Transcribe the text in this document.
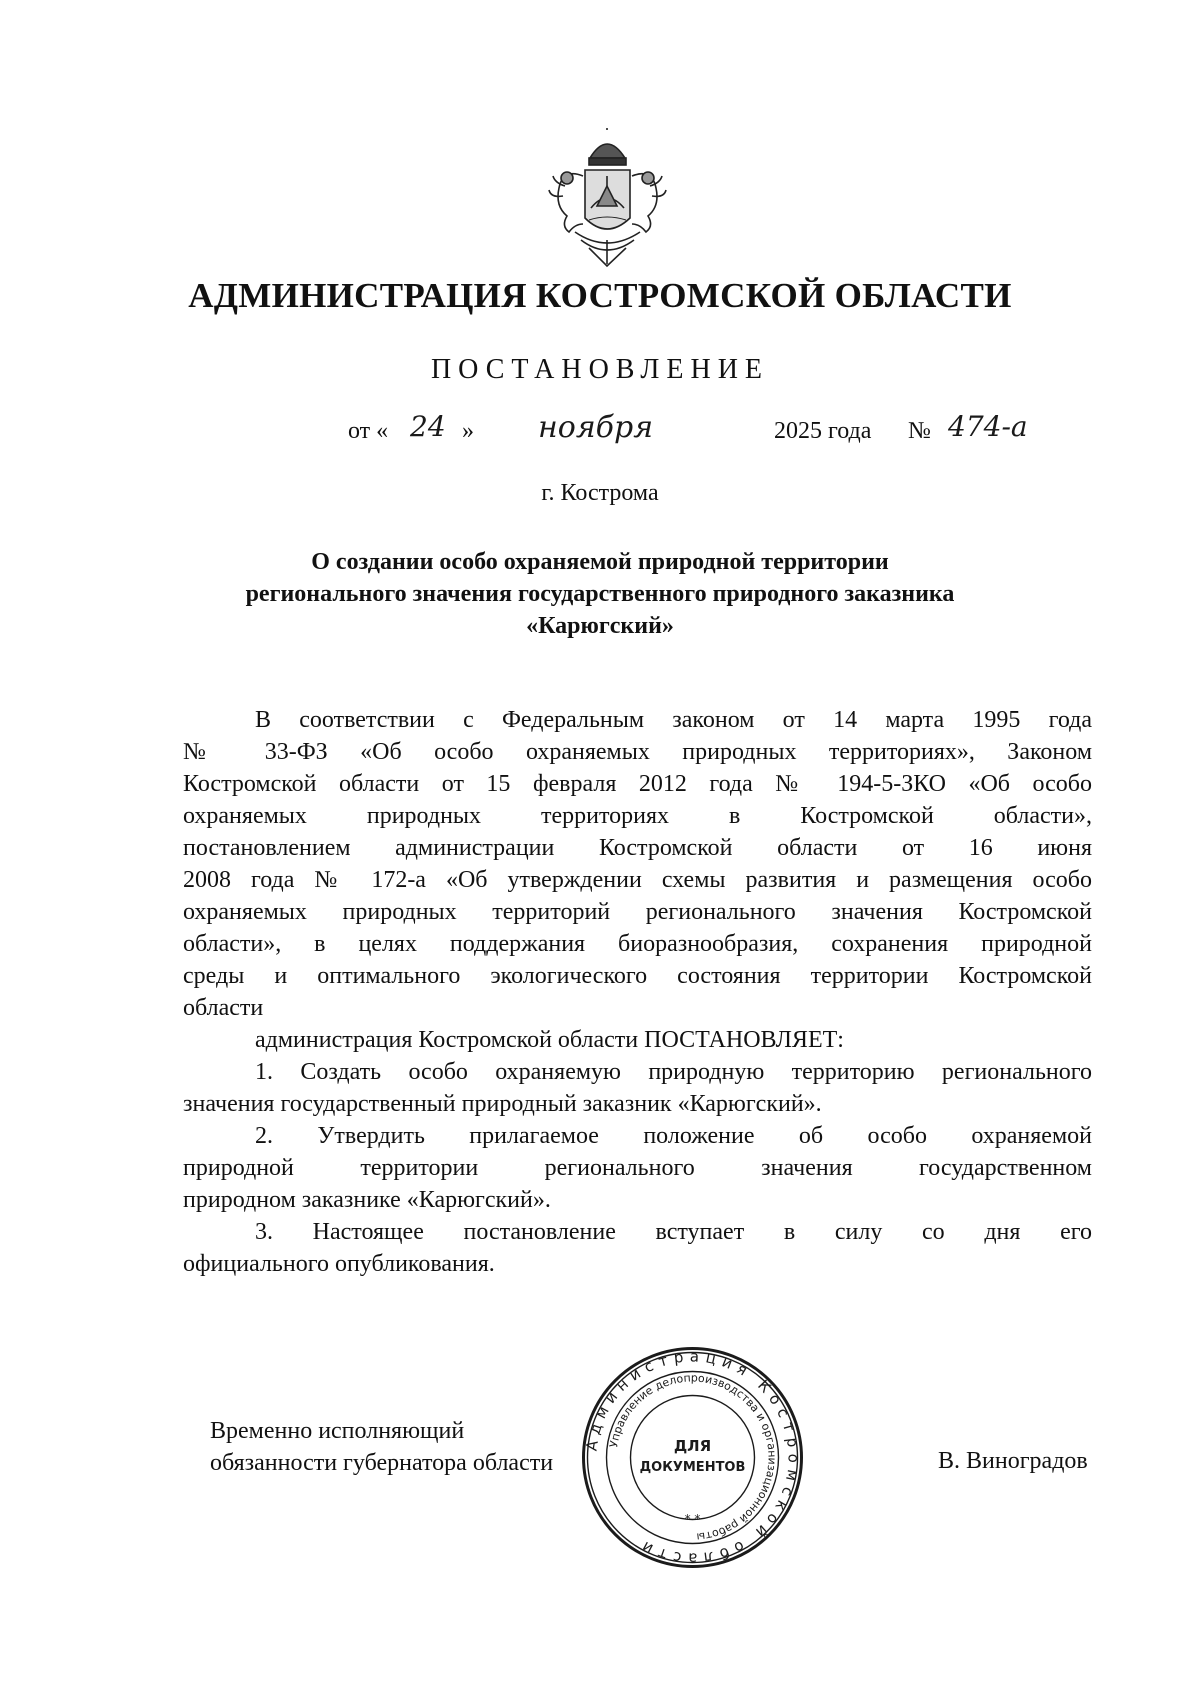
АДМИНИСТРАЦИЯ КОСТРОМСКОЙ ОБЛАСТИ
ПОСТАНОВЛЕНИЕ
от « 24 » ноября	2025 года № 474-а
г. Кострома
О создании особо охраняемой природной территории
регионального значения государственного природного заказника
«Карюгский»

В соответствии с Федеральным законом от 14 марта 1995 года

№ 33-ФЗ «Об особо охраняемых природных территориях», Законом

Костромской области от 15 февраля 2012 года № 194-5-ЗКО «Об особо

охраняемых природных территориях в Костромской области»,

постановлением администрации Костромской области от 16 июня

2008 года № 172-а «Об утверждении схемы развития и размещения особо

охраняемых природных территорий регионального значения Костромской

области», в целях поддержания биоразнообразия, сохранения природной

среды и оптимального экологического состояния территории Костромской

области

администрация Костромской области ПОСТАНОВЛЯЕТ:

1. Создать особо охраняемую природную территорию регионального

значения государственный природный заказник «Карюгский».

2. Утвердить прилагаемое положение об особо охраняемой

природной территории регионального значения государственном

природном заказнике «Карюгский».

3. Настоящее постановление вступает в силу со дня его

официального опубликования.

Временно исполняющий
обязанности губернатора области	В. Виноградов
Администрация Костромской области
Управление делопроизводства и организационной работы
ДЛЯ
ДОКУМЕНТОВ
* *
